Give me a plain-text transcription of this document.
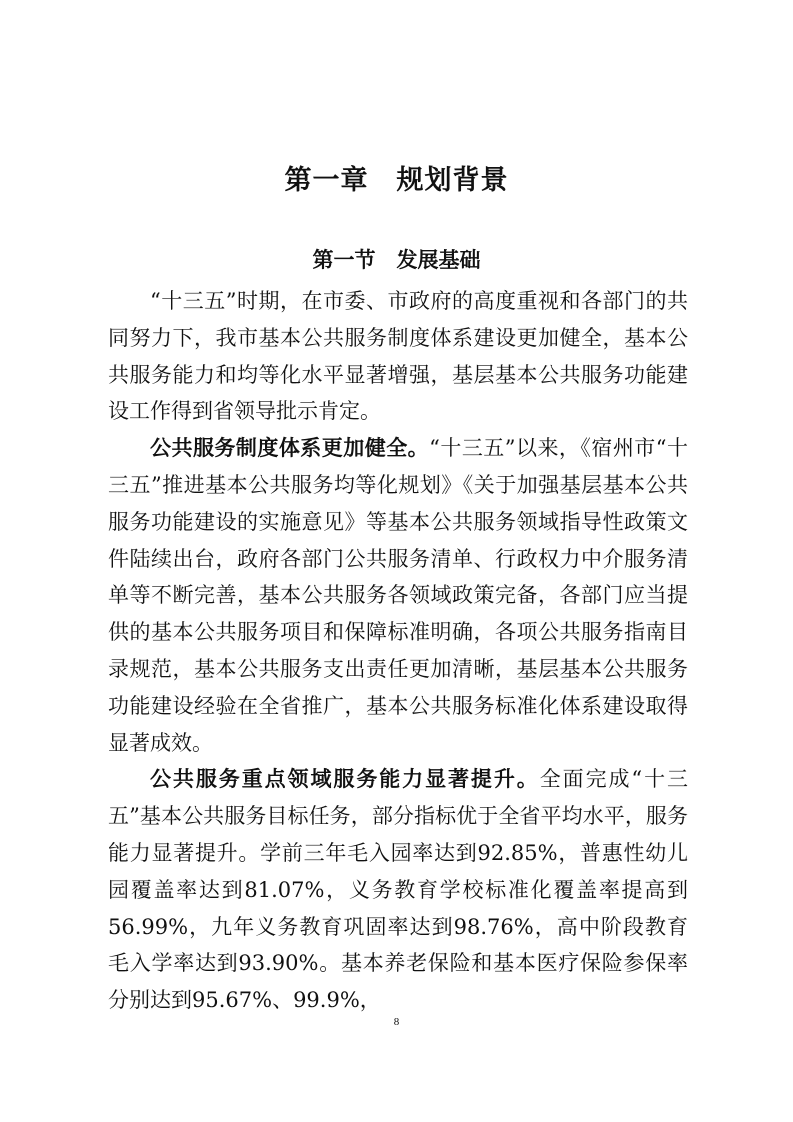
第一章　规划背景
第一节　发展基础

“十三五”时期，在市委、市政府的高度重视和各部门的共同努力下，我市基本公共服务制度体系建设更加健全，基本公共服务能力和均等化水平显著增强，基层基本公共服务功能建设工作得到省领导批示肯定。

公共服务制度体系更加健全。“十三五”以来，《宿州市“十三五”推进基本公共服务均等化规划》《关于加强基层基本公共服务功能建设的实施意见》等基本公共服务领域指导性政策文件陆续出台，政府各部门公共服务清单、行政权力中介服务清单等不断完善，基本公共服务各领域政策完备，各部门应当提供的基本公共服务项目和保障标准明确，各项公共服务指南目录规范，基本公共服务支出责任更加清晰，基层基本公共服务功能建设经验在全省推广，基本公共服务标准化体系建设取得显著成效。

公共服务重点领域服务能力显著提升。全面完成“十三五”基本公共服务目标任务，部分指标优于全省平均水平，服务能力显著提升。学前三年毛入园率达到92.85%，普惠性幼儿园覆盖率达到81.07%，义务教育学校标准化覆盖率提高到56.99%，九年义务教育巩固率达到98.76%，高中阶段教育毛入学率达到93.90%。基本养老保险和基本医疗保险参保率分别达到95.67%、99.9%，

8
